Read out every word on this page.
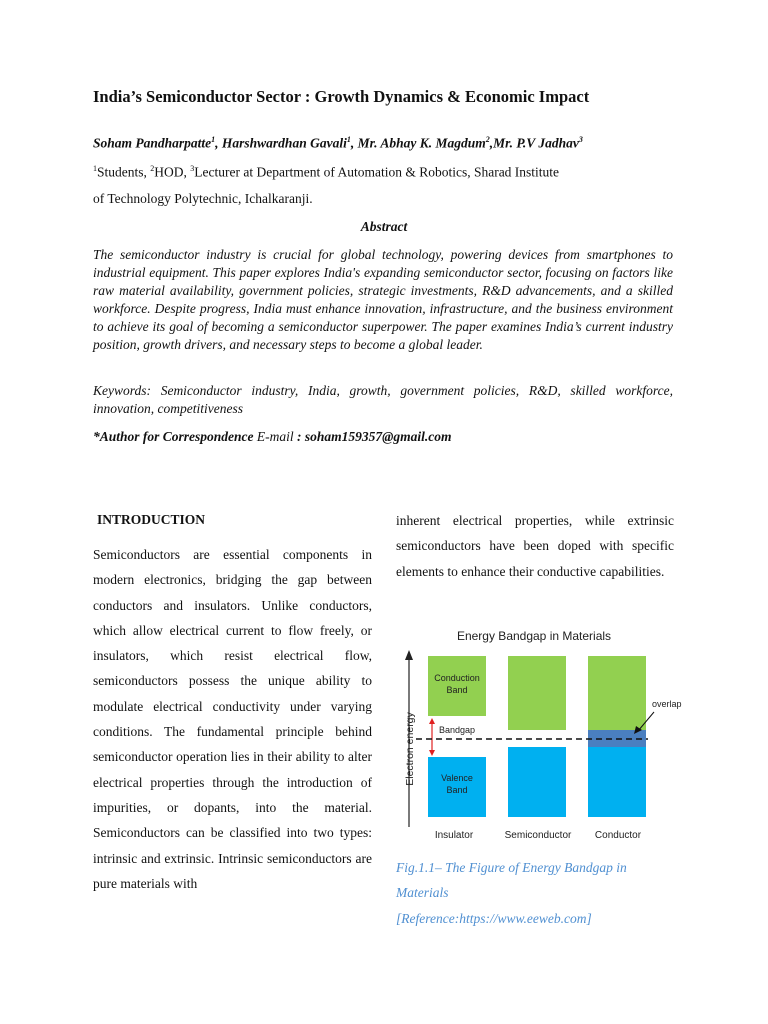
India’s Semiconductor Sector : Growth Dynamics & Economic Impact
Soham Pandharpatte$^1$, Harshwardhan Gavali$^1$, Mr. Abhay K. Magdum$^2$,Mr. P.V Jadhav$^3$
$^1$Students, $^2$HOD, $^3$Lecturer at Department of Automation & Robotics, Sharad Institute
of Technology Polytechnic, Ichalkaranji.
Abstract
The semiconductor industry is crucial for global technology, powering devices from smartphones to industrial equipment. This paper explores India's expanding semiconductor sector, focusing on factors like raw material availability, government policies, strategic investments, R&D advancements, and a skilled workforce. Despite progress, India must enhance innovation, infrastructure, and the business environment to achieve its goal of becoming a semiconductor superpower. The paper examines India’s current industry position, growth drivers, and necessary steps to become a global leader.
Keywords: Semiconductor industry, India, growth, government policies, R&D, skilled workforce, innovation, competitiveness
*Author for Correspondence E-mail : soham159357@gmail.com
INTRODUCTION
Semiconductors are essential components in modern electronics, bridging the gap between conductors and insulators. Unlike conductors, which allow electrical current to flow freely, or insulators, which resist electrical flow, semiconductors possess the unique ability to modulate electrical conductivity under varying conditions. The fundamental principle behind semiconductor operation lies in their ability to alter electrical properties through the introduction of impurities, or dopants, into the material. Semiconductors can be classified into two types: intrinsic and extrinsic. Intrinsic semiconductors are pure materials with
inherent electrical properties, while extrinsic semiconductors have been doped with specific elements to enhance their conductive capabilities.
Energy Bandgap in Materials
Electron energy
Conduction
Band
Valence
Band
Bandgap
overlap
Insulator	Semiconductor Conductor
Fig.1.1– The Figure of Energy Bandgap in
Materials
[Reference:https://www.eeweb.com]
